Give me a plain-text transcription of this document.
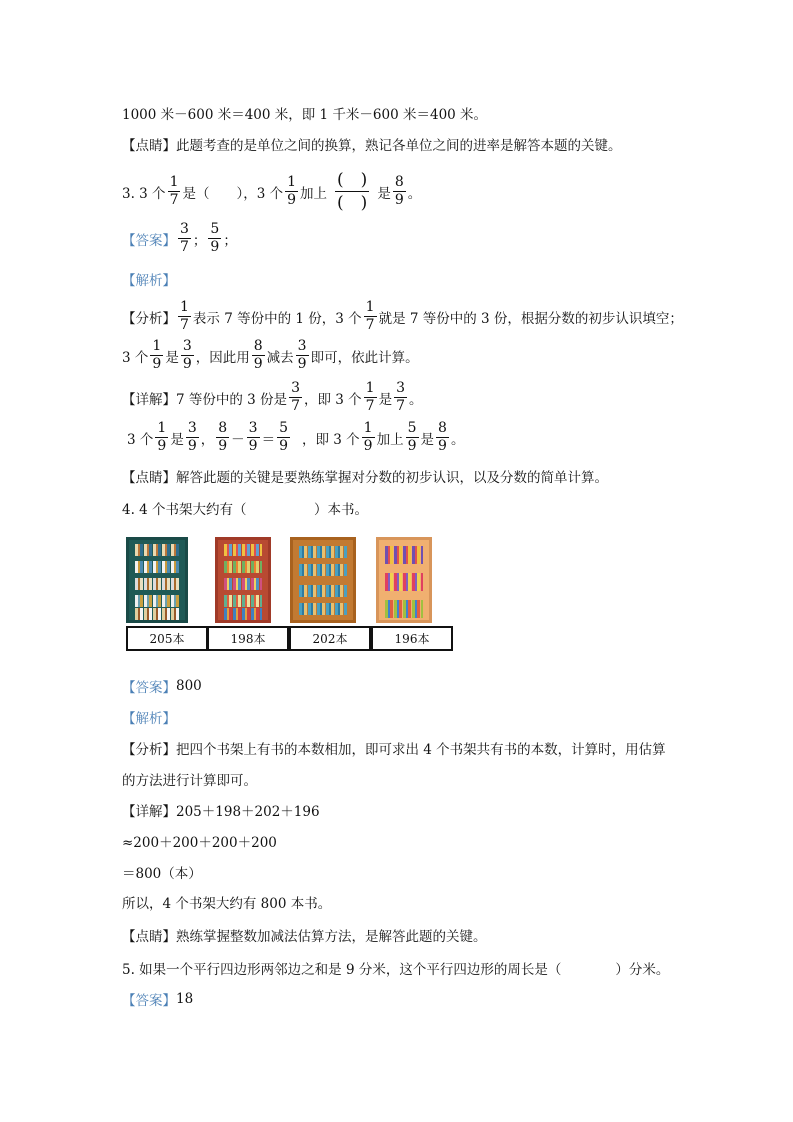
1000 米－600 米＝400 米，即 1 千米－600 米＝400 米。
【点睛】 此题考查的是单位之间的换算，熟记各单位之间的进率是解答本题的关键。
3. 3 个 $\frac{1}{7}$ 是（　　），3 个 $\frac{1}{9}$ 加上 $\frac{( )}{( )}$ 是 $\frac{8}{9}$ 。
【答案】 $\frac{3}{7}$ ； $\frac{5}{9}$ ；
【解析】
【分析】 $\frac{1}{7}$ 表示 7 等份中的 1 份，3 个 $\frac{1}{7}$ 就是 7 等份中的 3 份，根据分数的初步认识填空；
3 个 $\frac{1}{9}$ 是 $\frac{3}{9}$ ，因此用 $\frac{8}{9}$ 减去 $\frac{3}{9}$ 即可，依此计算。
【详解】 7 等份中的 3 份是 $\frac{3}{7}$ ，即 3 个 $\frac{1}{7}$ 是 $\frac{3}{7}$ 。
3 个 $\frac{1}{9}$ 是 $\frac{3}{9}$ ， $\frac{8}{9} - \frac{3}{9} = \frac{5}{9}$ ，即 3 个 $\frac{1}{9}$ 加上 $\frac{5}{9}$ 是 $\frac{8}{9}$ 。
【点睛】 解答此题的关键是要熟练掌握对分数的初步认识，以及分数的简单计算。
4. 4 个书架大约有（　　　　　）本书。
205本	198本	202本	196本
【答案】 800
【解析】
【分析】 把四个书架上有书的本数相加，即可求出 4 个书架共有书的本数，计算时，用估算
的方法进行计算即可。
【详解】 205＋198＋202＋196
≈200＋200＋200＋200
＝800（本）
所以，4 个书架大约有 800 本书。
【点睛】 熟练掌握整数加减法估算方法，是解答此题的关键。
5. 如果一个平行四边形两邻边之和是 9 分米，这个平行四边形的周长是（　　　　）分米。
【答案】 18
